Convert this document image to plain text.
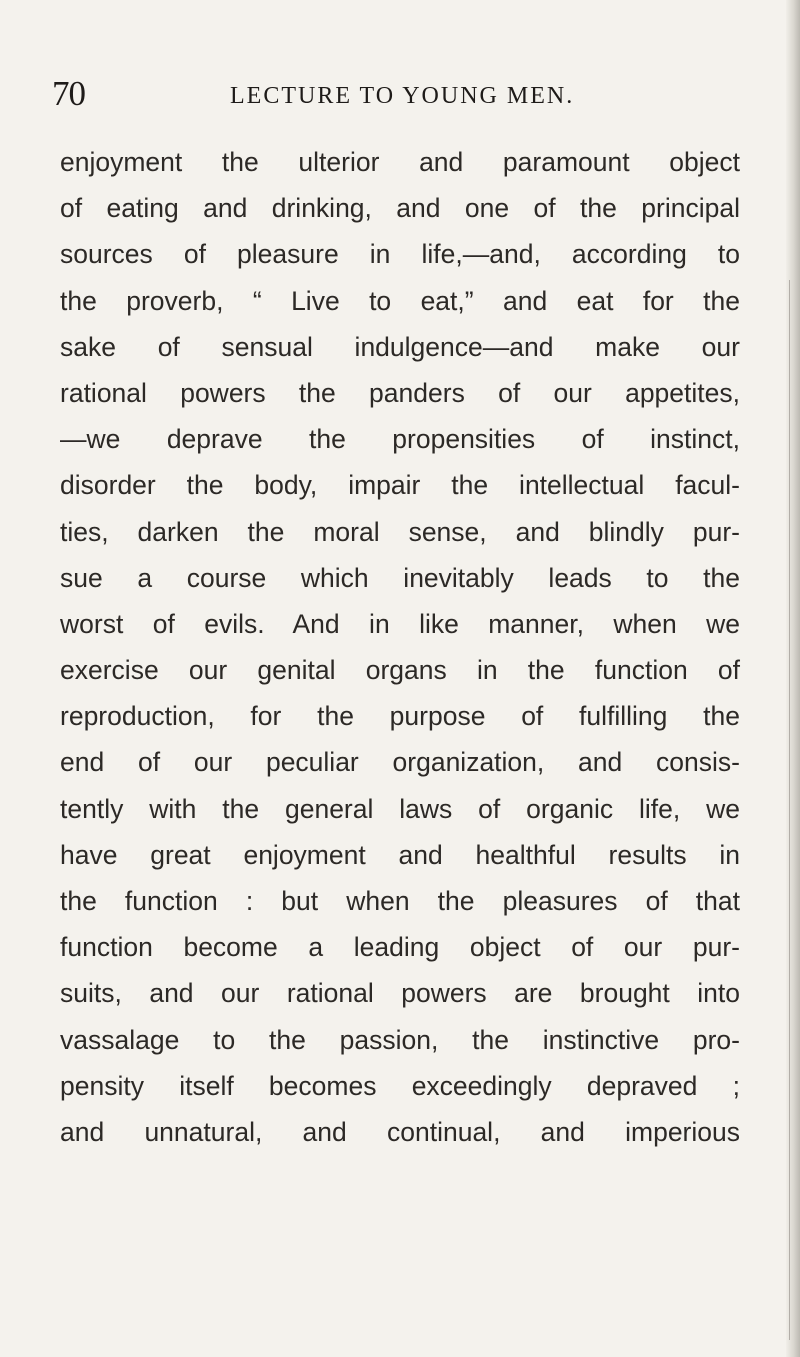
70	LECTURE TO YOUNG MEN.
enjoyment the ulterior and paramount object
of eating and drinking, and one of the principal
sources of pleasure in life,—and, according to
the proverb, “ Live to eat,” and eat for the
sake of sensual indulgence—and make our
rational powers the panders of our appetites,
—we deprave the propensities of instinct,
disorder the body, impair the intellectual facul-
ties, darken the moral sense, and blindly pur-
sue a course which inevitably leads to the
worst of evils. And in like manner, when we
exercise our genital organs in the function of
reproduction, for the purpose of fulfilling the
end of our peculiar organization, and consis-
tently with the general laws of organic life, we
have great enjoyment and healthful results in
the function : but when the pleasures of that
function become a leading object of our pur-
suits, and our rational powers are brought into
vassalage to the passion, the instinctive pro-
pensity itself becomes exceedingly depraved ;
and unnatural, and continual, and imperious
